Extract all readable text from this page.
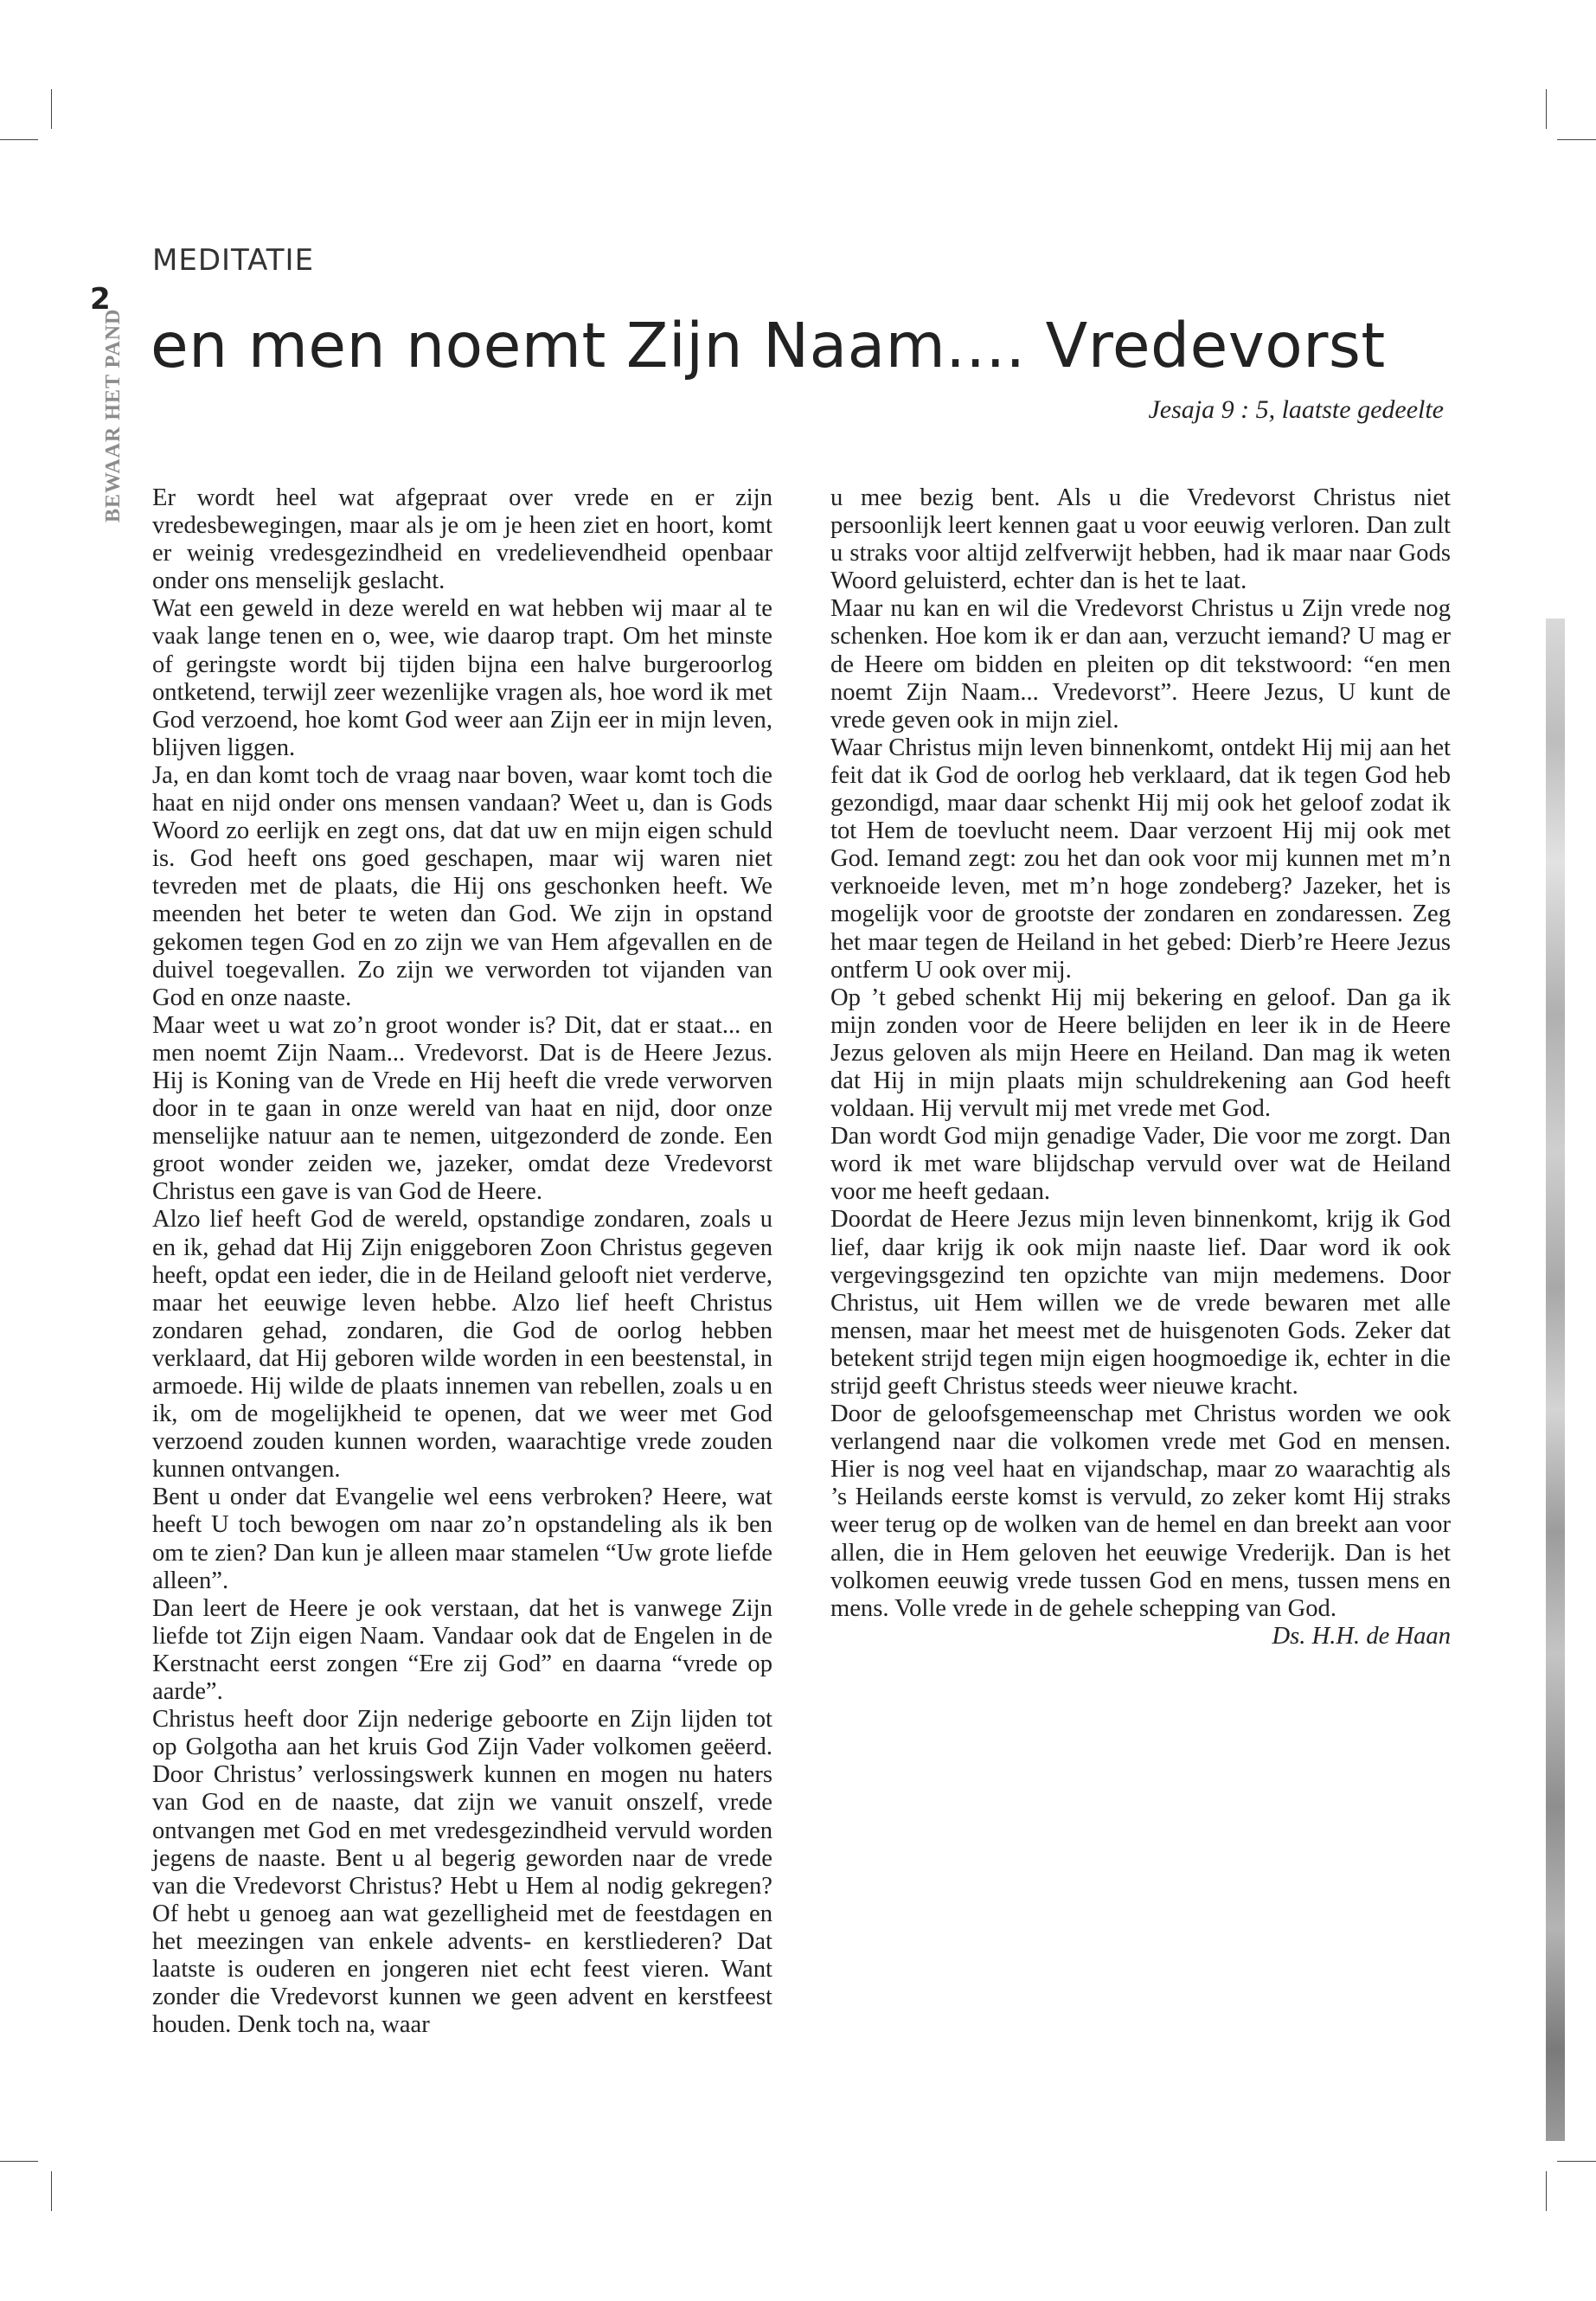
2
BEWAAR HET PAND
MEDITATIE
en men noemt Zijn Naam.... Vredevorst
Jesaja 9 : 5, laatste gedeelte

Er wordt heel wat afgepraat over vrede en er zijn vredesbewegingen, maar als je om je heen ziet en hoort, komt er weinig vredesgezindheid en vredelievendheid openbaar onder ons menselijk geslacht.

Wat een geweld in deze wereld en wat hebben wij maar al te vaak lange tenen en o, wee, wie daarop trapt. Om het minste of geringste wordt bij tijden bijna een halve burgeroorlog ontketend, terwijl zeer wezenlijke vragen als, hoe word ik met God verzoend, hoe komt God weer aan Zijn eer in mijn leven, blijven liggen.

Ja, en dan komt toch de vraag naar boven, waar komt toch die haat en nijd onder ons mensen vandaan? Weet u, dan is Gods Woord zo eerlijk en zegt ons, dat dat uw en mijn eigen schuld is. God heeft ons goed geschapen, maar wij waren niet tevreden met de plaats, die Hij ons geschonken heeft. We meenden het beter te weten dan God. We zijn in opstand gekomen tegen God en zo zijn we van Hem afgevallen en de duivel toegevallen. Zo zijn we verworden tot vijanden van God en onze naaste.

Maar weet u wat zo’n groot wonder is? Dit, dat er staat... en men noemt Zijn Naam... Vredevorst. Dat is de Heere Jezus. Hij is Koning van de Vrede en Hij heeft die vrede verworven door in te gaan in onze wereld van haat en nijd, door onze menselijke natuur aan te nemen, uitgezonderd de zonde. Een groot wonder zeiden we, jazeker, omdat deze Vredevorst Christus een gave is van God de Heere.

Alzo lief heeft God de wereld, opstandige zondaren, zoals u en ik, gehad dat Hij Zijn eniggeboren Zoon Christus gegeven heeft, opdat een ieder, die in de Heiland gelooft niet verderve, maar het eeuwige leven hebbe. Alzo lief heeft Christus zondaren gehad, zondaren, die God de oorlog hebben verklaard, dat Hij geboren wilde worden in een beestenstal, in armoede. Hij wilde de plaats innemen van rebellen, zoals u en ik, om de mogelijkheid te openen, dat we weer met God verzoend zouden kunnen worden, waarachtige vrede zouden kunnen ontvangen.

Bent u onder dat Evangelie wel eens verbroken? Heere, wat heeft U toch bewogen om naar zo’n opstandeling als ik ben om te zien? Dan kun je alleen maar stamelen “Uw grote liefde alleen”.

Dan leert de Heere je ook verstaan, dat het is vanwege Zijn liefde tot Zijn eigen Naam. Vandaar ook dat de Engelen in de Kerstnacht eerst zongen “Ere zij God” en daarna “vrede op aarde”.

Christus heeft door Zijn nederige geboorte en Zijn lijden tot op Golgotha aan het kruis God Zijn Vader volkomen geëerd. Door Christus’ verlossingswerk kunnen en mogen nu haters van God en de naaste, dat zijn we vanuit onszelf, vrede ontvangen met God en met vredesgezindheid vervuld worden jegens de naaste. Bent u al begerig geworden naar de vrede van die Vredevorst Christus? Hebt u Hem al nodig gekregen? Of hebt u genoeg aan wat gezelligheid met de feestdagen en het meezingen van enkele advents- en kerstliederen? Dat laatste is ouderen en jongeren niet echt feest vieren. Want zonder die Vredevorst kunnen we geen advent en kerstfeest houden. Denk toch na, waar

u mee bezig bent. Als u die Vredevorst Christus niet persoonlijk leert kennen gaat u voor eeuwig verloren. Dan zult u straks voor altijd zelfverwijt hebben, had ik maar naar Gods Woord geluisterd, echter dan is het te laat.

Maar nu kan en wil die Vredevorst Christus u Zijn vrede nog schenken. Hoe kom ik er dan aan, verzucht iemand? U mag er de Heere om bidden en pleiten op dit tekstwoord: “en men noemt Zijn Naam... Vredevorst”. Heere Jezus, U kunt de vrede geven ook in mijn ziel.

Waar Christus mijn leven binnenkomt, ontdekt Hij mij aan het feit dat ik God de oorlog heb verklaard, dat ik tegen God heb gezondigd, maar daar schenkt Hij mij ook het geloof zodat ik tot Hem de toevlucht neem. Daar verzoent Hij mij ook met God. Iemand zegt: zou het dan ook voor mij kunnen met m’n verknoeide leven, met m’n hoge zondeberg? Jazeker, het is mogelijk voor de grootste der zondaren en zondaressen. Zeg het maar tegen de Heiland in het gebed: Dierb’re Heere Jezus ontferm U ook over mij.

Op ’t gebed schenkt Hij mij bekering en geloof. Dan ga ik mijn zonden voor de Heere belijden en leer ik in de Heere Jezus geloven als mijn Heere en Heiland. Dan mag ik weten dat Hij in mijn plaats mijn schuldrekening aan God heeft voldaan. Hij vervult mij met vrede met God.

Dan wordt God mijn genadige Vader, Die voor me zorgt. Dan word ik met ware blijdschap vervuld over wat de Heiland voor me heeft gedaan.

Doordat de Heere Jezus mijn leven binnenkomt, krijg ik God lief, daar krijg ik ook mijn naaste lief. Daar word ik ook vergevingsgezind ten opzichte van mijn medemens. Door Christus, uit Hem willen we de vrede bewaren met alle mensen, maar het meest met de huisgenoten Gods. Zeker dat betekent strijd tegen mijn eigen hoogmoedige ik, echter in die strijd geeft Christus steeds weer nieuwe kracht.

Door de geloofsgemeenschap met Christus worden we ook verlangend naar die volkomen vrede met God en mensen. Hier is nog veel haat en vijandschap, maar zo waarachtig als ’s Heilands eerste komst is vervuld, zo zeker komt Hij straks weer terug op de wolken van de hemel en dan breekt aan voor allen, die in Hem geloven het eeuwige Vrederijk. Dan is het volkomen eeuwig vrede tussen God en mens, tussen mens en mens. Volle vrede in de gehele schepping van God.

Ds. H.H. de Haan
